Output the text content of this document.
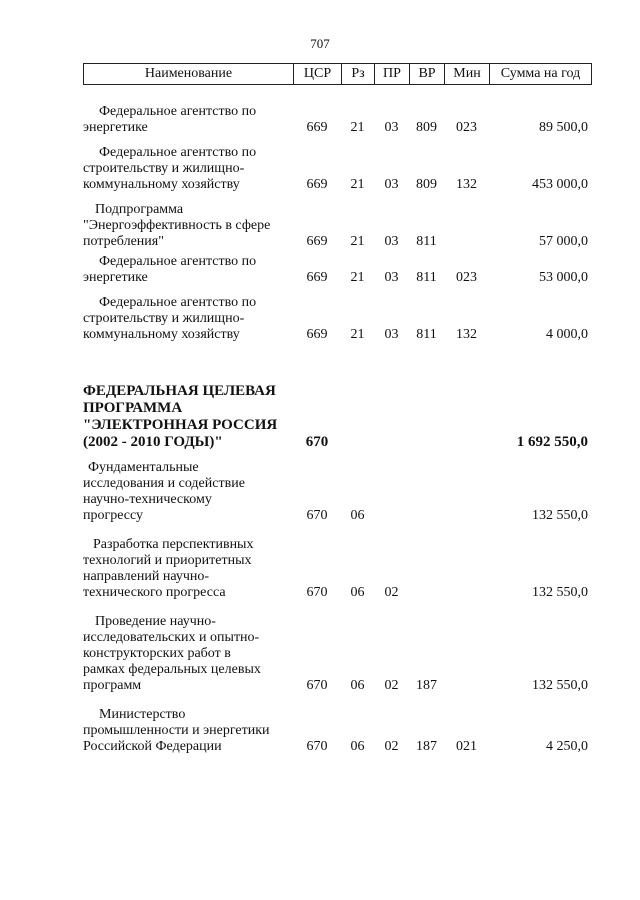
707
Наименование	ЦСР	Рз	ПР	ВР	Мин	Сумма на год
Федеральное агентство по
энергетике	669	21	03	809	023	89 500,0

Федеральное агентство по
строительству и жилищно-
коммунальному хозяйству	669	21	03	809	132	453 000,0

Подпрограмма
"Энергоэффективность в сфере
потребления"	669	21	03	811		57 000,0

Федеральное агентство по
энергетике	669	21	03	811	023	53 000,0

Федеральное агентство по
строительству и жилищно-
коммунальному хозяйству	669	21	03	811	132	4 000,0

ФЕДЕРАЛЬНАЯ ЦЕЛЕВАЯ
ПРОГРАММА
"ЭЛЕКТРОННАЯ РОССИЯ
(2002 - 2010 ГОДЫ)"	670					1 692 550,0

Фундаментальные
исследования и содействие
научно-техническому
прогрессу	670	06				132 550,0

Разработка перспективных
технологий и приоритетных
направлений научно-
технического прогресса	670	06	02			132 550,0

Проведение научно-
исследовательских и опытно-
конструкторских работ в
рамках федеральных целевых
программ	670	06	02	187		132 550,0

Министерство
промышленности и энергетики
Российской Федерации	670	06	02	187	021	4 250,0
